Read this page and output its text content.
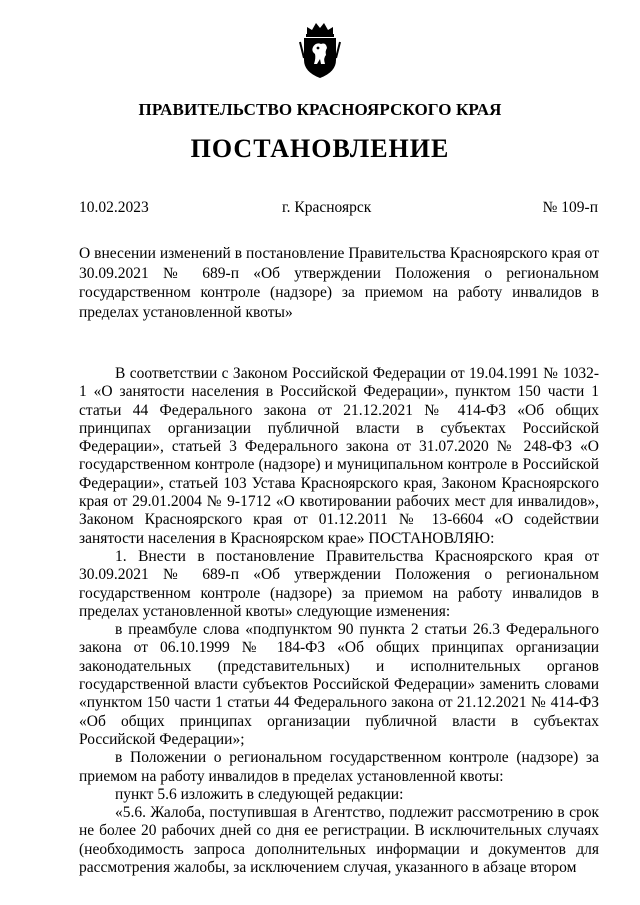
ПРАВИТЕЛЬСТВО КРАСНОЯРСКОГО КРАЯ
ПОСТАНОВЛЕНИЕ
10.02.2023	г. Красноярск	№ 109-п
О внесении изменений в постановление Правительства Красноярского края от 30.09.2021 № 689-п «Об утверждении Положения о региональном государственном контроле (надзоре) за приемом на работу инвалидов в пределах установленной квоты»

В соответствии с Законом Российской Федерации от 19.04.1991 № 1032-1 «О занятости населения в Российской Федерации», пунктом 150 части 1 статьи 44 Федерального закона от 21.12.2021 № 414-ФЗ «Об общих принципах организации публичной власти в субъектах Российской Федерации», статьей 3 Федерального закона от 31.07.2020 № 248-ФЗ «О государственном контроле (надзоре) и муниципальном контроле в Российской Федерации», статьей 103 Устава Красноярского края, Законом Красноярского края от 29.01.2004 № 9-1712 «О квотировании рабочих мест для инвалидов», Законом Красноярского края от 01.12.2011 № 13-6604 «О содействии занятости населения в Красноярском крае» ПОСТАНОВЛЯЮ:

1. Внести в постановление Правительства Красноярского края от 30.09.2021 № 689-п «Об утверждении Положения о региональном государственном контроле (надзоре) за приемом на работу инвалидов в пределах установленной квоты» следующие изменения:

в преамбуле слова «подпунктом 90 пункта 2 статьи 26.3 Федерального закона от 06.10.1999 № 184-ФЗ «Об общих принципах организации законодательных (представительных) и исполнительных органов государственной власти субъектов Российской Федерации» заменить словами «пунктом 150 части 1 статьи 44 Федерального закона от 21.12.2021 № 414-ФЗ «Об общих принципах организации публичной власти в субъектах Российской Федерации»;

в Положении о региональном государственном контроле (надзоре) за приемом на работу инвалидов в пределах установленной квоты:

пункт 5.6 изложить в следующей редакции:

«5.6. Жалоба, поступившая в Агентство, подлежит рассмотрению в срок не более 20 рабочих дней со дня ее регистрации. В исключительных случаях (необходимость запроса дополнительных информации и документов для рассмотрения жалобы, за исключением случая, указанного в абзаце втором
